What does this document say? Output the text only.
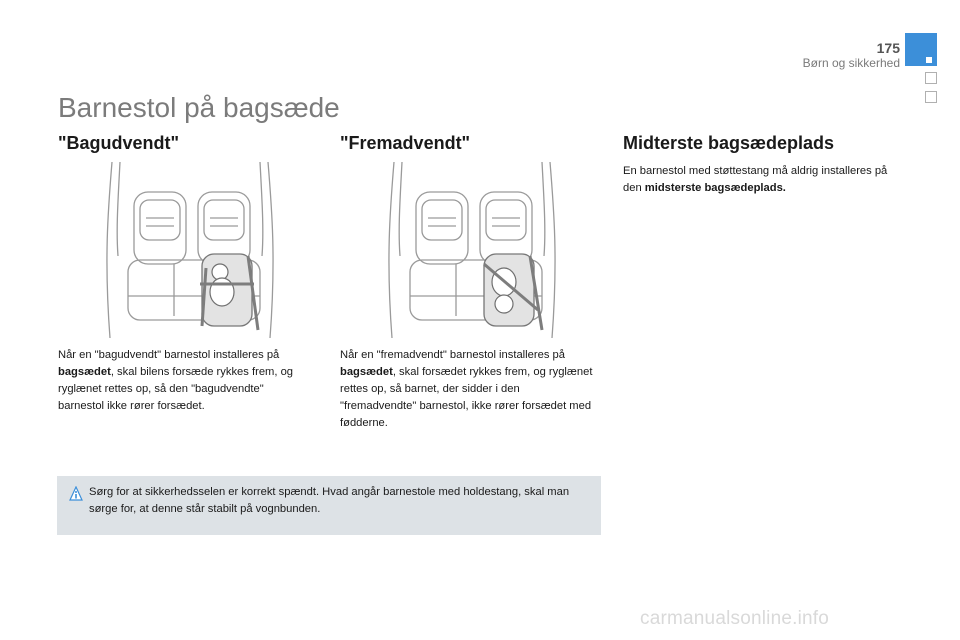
175
Børn og sikkerhed
Barnestol på bagsæde
"Bagudvendt"

Når en "bagudvendt" barnestol installeres på bagsædet, skal bilens forsæde rykkes frem, og ryglænet rettes op, så den "bagudvendte" barnestol ikke rører forsædet.

"Fremadvendt"

Når en "fremadvendt" barnestol installeres på bagsædet, skal forsædet rykkes frem, og ryglænet rettes op, så barnet, der sidder i den "fremadvendte" barnestol, ikke rører forsædet med fødderne.

Midterste bagsædeplads

En barnestol med støttestang må aldrig installeres på den midsterste bagsædeplads.

Sørg for at sikkerhedsselen er korrekt spændt. Hvad angår barnestole med holdestang, skal man sørge for, at denne står stabilt på vognbunden.

carmanualsonline.info
